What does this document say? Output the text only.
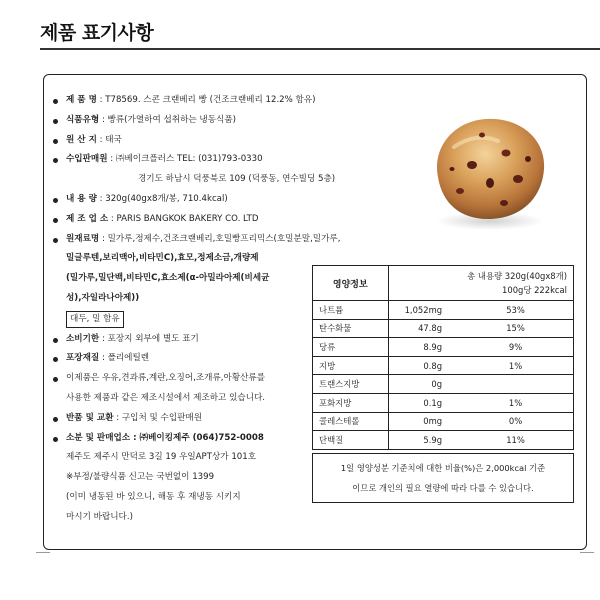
제품 표기사항
제 품 명 : T78569. 스콘 크랜베리 빵 (건조크랜베리 12.2% 함유)
식품유형 : 빵류(가열하여 섭취하는 냉동식품)
원 산 지 : 태국
수입판매원 : ㈜베이크플러스 TEL: (031)793-0330
경기도 하남시 덕풍북로 109 (덕풍동, 연수빌딩 5층)
내 용 량 : 320g(40gx8개/봉, 710.4kcal)
제 조 업 소 : PARIS BANGKOK BAKERY CO. LTD
원재료명 : 밀가루,정제수,건조크랜베리,호밀빵프리믹스(호밀분말,밀가루,
밀글루텐,보리맥아,비타민C),효모,정제소금,개량제
(밀가루,밀단백,비타민C,효소제(α-아밀라아제(비세균
성),자일라나아제))
대두, 밀 함유
소비기한 : 포장지 외부에 별도 표기
포장재질 : 폴리에틸렌
이제품은 우유,견과류,계란,오징어,조개류,아황산류를
사용한 제품과 같은 제조시설에서 제조하고 있습니다.
반품 및 교환 : 구입처 및 수입판매원
소분 및 판매업소 : ㈜베이킹제주 (064)752-0008
제주도 제주시 만덕로 3길 19 우일APT상가 101호
※부정/불량식품 신고는 국번없이 1399
(이미 냉동된 바 있으니, 해동 후 재냉동 시키지
마시기 바랍니다.)
영양정보	총 내용량 320g(40gx8개)
100g당 222kcal	

나트륨	1,052mg	53%
탄수화물	47.8g	15%
당류	8.9g	9%
지방	0.8g	1%
트랜스지방	0g	
포화지방	0.1g	1%
콜레스테롤	0mg	0%
단백질	5.9g	11%
1일 영양성분 기준치에 대한 비율(%)은 2,000kcal 기준
이므로 개인의 필요 열량에 따라 다를 수 있습니다.
